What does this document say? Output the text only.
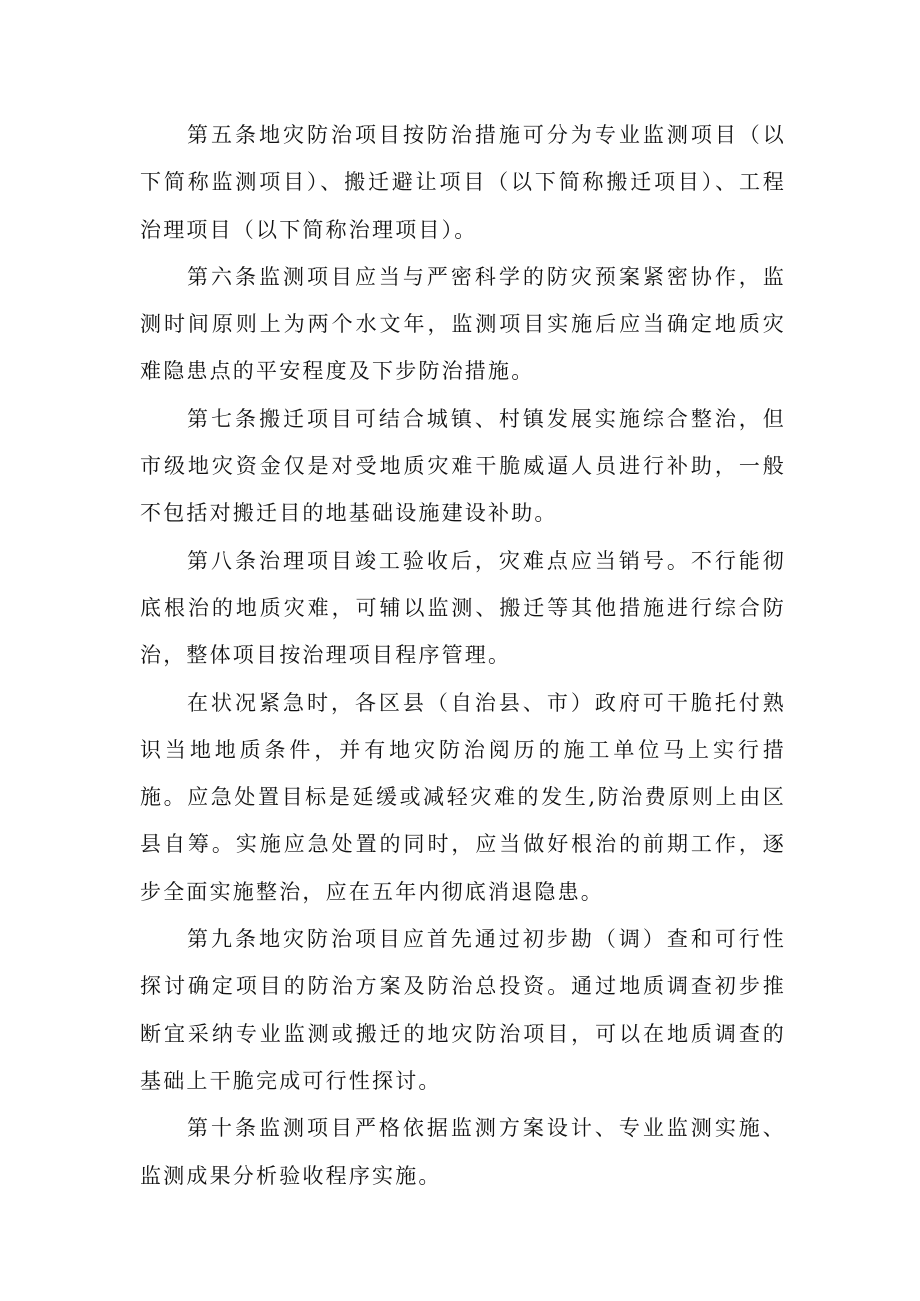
第五条地灾防治项目按防治措施可分为专业监测项目（以下简称监测项目）、搬迁避让项目（以下简称搬迁项目）、工程治理项目（以下简称治理项目）。

第六条监测项目应当与严密科学的防灾预案紧密协作，监测时间原则上为两个水文年，监测项目实施后应当确定地质灾难隐患点的平安程度及下步防治措施。

第七条搬迁项目可结合城镇、村镇发展实施综合整治，但市级地灾资金仅是对受地质灾难干脆威逼人员进行补助，一般不包括对搬迁目的地基础设施建设补助。

第八条治理项目竣工验收后，灾难点应当销号。不行能彻底根治的地质灾难，可辅以监测、搬迁等其他措施进行综合防治，整体项目按治理项目程序管理。

在状况紧急时，各区县（自治县、市）政府可干脆托付熟识当地地质条件，并有地灾防治阅历的施工单位马上实行措施。应急处置目标是延缓或减轻灾难的发生,防治费原则上由区县自筹。实施应急处置的同时，应当做好根治的前期工作，逐步全面实施整治，应在五年内彻底消退隐患。

第九条地灾防治项目应首先通过初步勘（调）查和可行性探讨确定项目的防治方案及防治总投资。通过地质调查初步推断宜采纳专业监测或搬迁的地灾防治项目，可以在地质调查的基础上干脆完成可行性探讨。

第十条监测项目严格依据监测方案设计、专业监测实施、监测成果分析验收程序实施。
